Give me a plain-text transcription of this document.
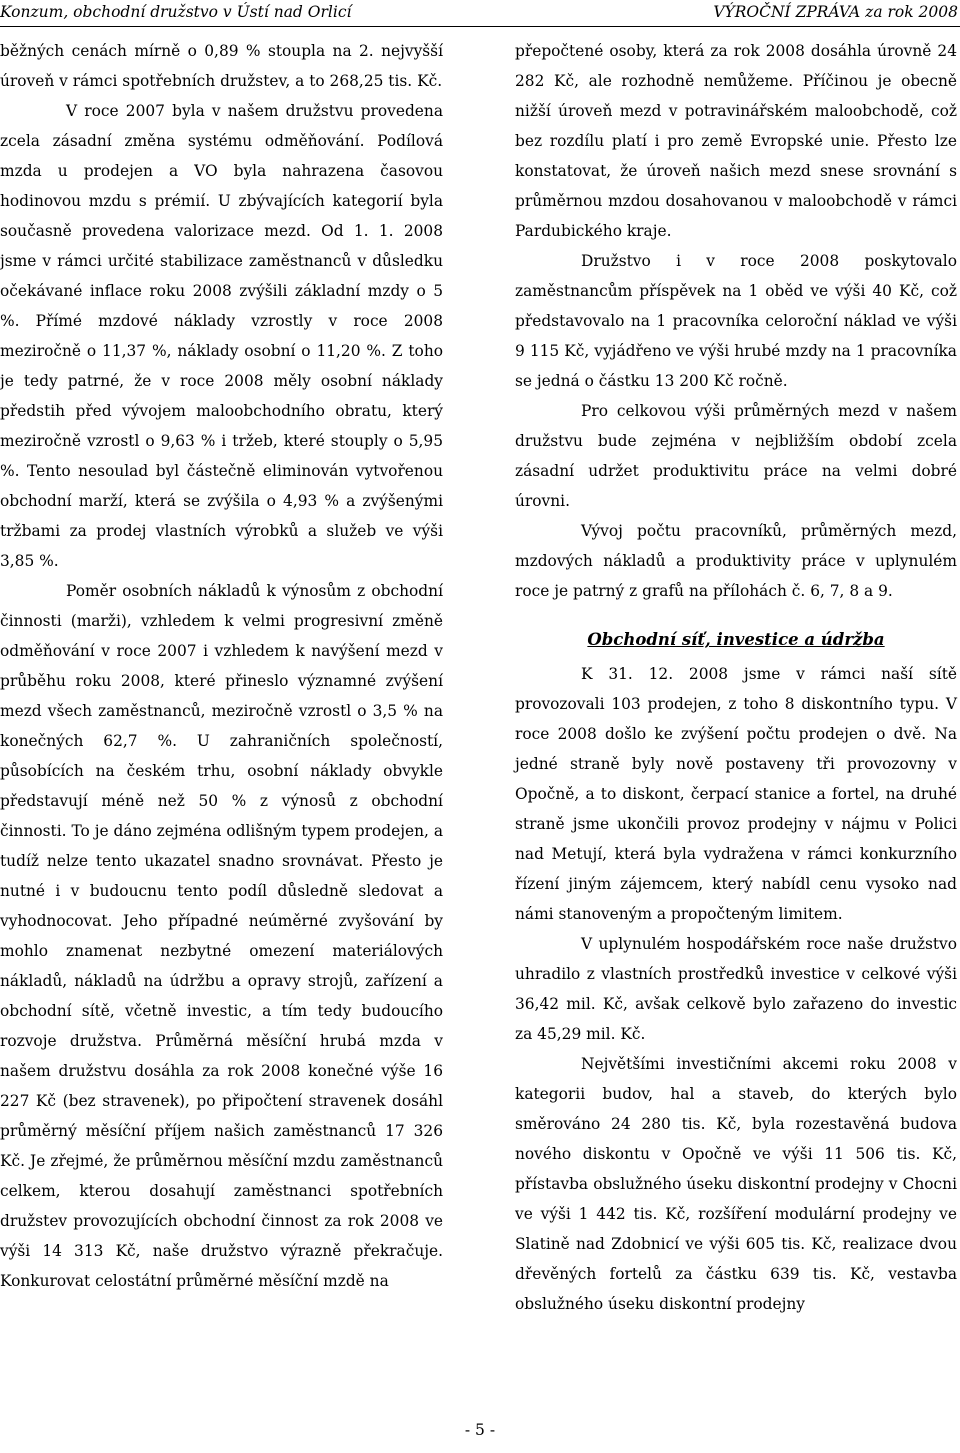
Konzum, obchodní družstvo v Ústí nad Orlicí	VÝROČNÍ ZPRÁVA za rok 2008

běžných cenách mírně o 0,89 % stoupla na 2. nejvyšší úroveň v rámci spotřebních družstev, a to 268,25 tis. Kč.

V roce 2007 byla v našem družstvu provedena zcela zásadní změna systému odměňování. Podílová mzda u prodejen a VO byla nahrazena časovou hodinovou mzdu s prémií. U zbývajících kategorií byla současně provedena valorizace mezd. Od 1. 1. 2008 jsme v rámci určité stabilizace zaměstnanců v důsledku očekávané inflace roku 2008 zvýšili základní mzdy o 5 %. Přímé mzdové náklady vzrostly v roce 2008 meziročně o 11,37 %, náklady osobní o 11,20 %. Z toho je tedy patrné, že v roce 2008 měly osobní náklady předstih před vývojem maloobchodního obratu, který meziročně vzrostl o 9,63 % i tržeb, které stouply o 5,95 %. Tento nesoulad byl částečně eliminován vytvořenou obchodní marží, která se zvýšila o 4,93 % a zvýšenými tržbami za prodej vlastních výrobků a služeb ve výši 3,85 %.

Poměr osobních nákladů k výnosům z obchodní činnosti (marži), vzhledem k velmi progresivní změně odměňování v roce 2007 i vzhledem k navýšení mezd v průběhu roku 2008, které přineslo významné zvýšení mezd všech zaměstnanců, meziročně vzrostl o 3,5 % na konečných 62,7 %. U zahraničních společností, působících na českém trhu, osobní náklady obvykle představují méně než 50 % z výnosů z obchodní činnosti. To je dáno zejména odlišným typem prodejen, a tudíž nelze tento ukazatel snadno srovnávat. Přesto je nutné i v budoucnu tento podíl důsledně sledovat a vyhodnocovat. Jeho případné neúměrné zvyšování by mohlo znamenat nezbytné omezení materiálových nákladů, nákladů na údržbu a opravy strojů, zařízení a obchodní sítě, včetně investic, a tím tedy budoucího rozvoje družstva. Průměrná měsíční hrubá mzda v našem družstvu dosáhla za rok 2008 konečné výše 16 227 Kč (bez stravenek), po připočtení stravenek dosáhl průměrný měsíční příjem našich zaměstnanců 17 326 Kč. Je zřejmé, že průměrnou měsíční mzdu zaměstnanců celkem, kterou dosahují zaměstnanci spotřebních družstev provozujících obchodní činnost za rok 2008 ve výši 14 313 Kč, naše družstvo výrazně překračuje. Konkurovat celostátní průměrné měsíční mzdě na

přepočtené osoby, která za rok 2008 dosáhla úrovně 24 282 Kč, ale rozhodně nemůžeme. Příčinou je obecně nižší úroveň mezd v potravinářském maloobchodě, což bez rozdílu platí i pro země Evropské unie. Přesto lze konstatovat, že úroveň našich mezd snese srovnání s průměrnou mzdou dosahovanou v maloobchodě v rámci Pardubického kraje.

Družstvo i v roce 2008 poskytovalo zaměstnancům příspěvek na 1 oběd ve výši 40 Kč, což představovalo na 1 pracovníka celoroční náklad ve výši 9 115 Kč, vyjádřeno ve výši hrubé mzdy na 1 pracovníka se jedná o částku 13 200 Kč ročně.

Pro celkovou výši průměrných mezd v našem družstvu bude zejména v nejbližším období zcela zásadní udržet produktivitu práce na velmi dobré úrovni.

Vývoj počtu pracovníků, průměrných mezd, mzdových nákladů a produktivity práce v uplynulém roce je patrný z grafů na přílohách č. 6, 7, 8 a 9.

Obchodní síť, investice a údržba

K 31. 12. 2008 jsme v rámci naší sítě provozovali 103 prodejen, z toho 8 diskontního typu. V roce 2008 došlo ke zvýšení počtu prodejen o dvě. Na jedné straně byly nově postaveny tři provozovny v Opočně, a to diskont, čerpací stanice a fortel, na druhé straně jsme ukončili provoz prodejny v nájmu v Polici nad Metují, která byla vydražena v rámci konkurzního řízení jiným zájemcem, který nabídl cenu vysoko nad námi stanoveným a propočteným limitem.

V uplynulém hospodářském roce naše družstvo uhradilo z vlastních prostředků investice v celkové výši 36,42 mil. Kč, avšak celkově bylo zařazeno do investic za 45,29 mil. Kč.

Největšími investičními akcemi roku 2008 v kategorii budov, hal a staveb, do kterých bylo směrováno 24 280 tis. Kč, byla rozestavěná budova nového diskontu v Opočně ve výši 11 506 tis. Kč, přístavba obslužného úseku diskontní prodejny v Chocni ve výši 1 442 tis. Kč, rozšíření modulární prodejny ve Slatině nad Zdobnicí ve výši 605 tis. Kč, realizace dvou dřevěných fortelů za částku 639 tis. Kč, vestavba obslužného úseku diskontní prodejny

- 5 -
